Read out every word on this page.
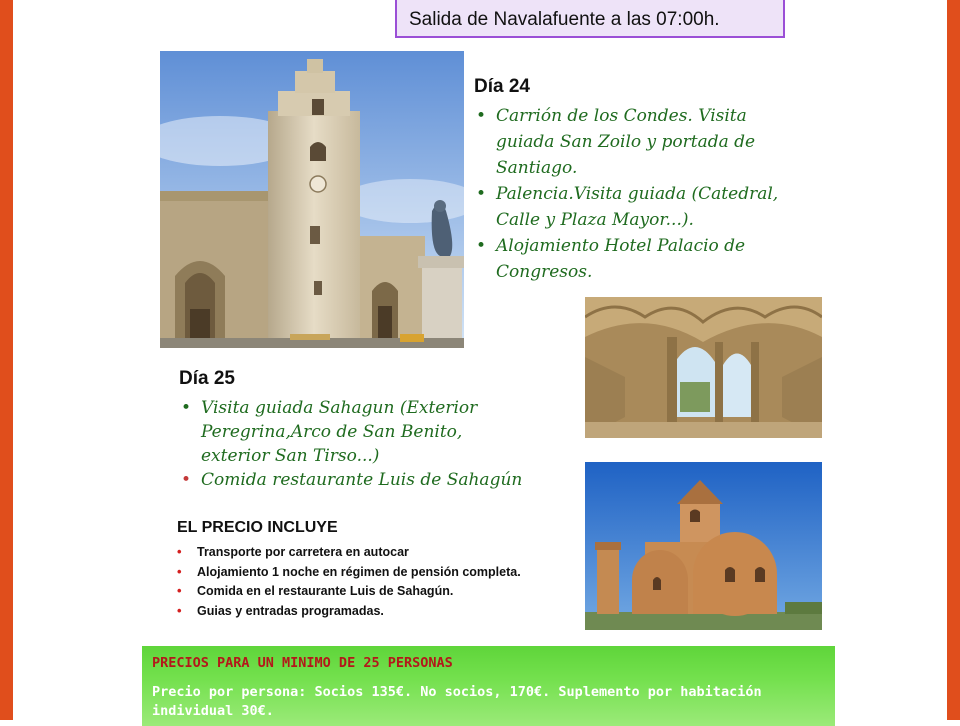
Salida de Navalafuente a las 07:00h.
Día 24
• Carrión de los Condes. Visita guiada San Zoilo y portada de Santiago.
• Palencia.Visita guiada (Catedral, Calle y Plaza Mayor...).
• Alojamiento Hotel Palacio de Congresos.
Día 25
• Visita guiada Sahagun (Exterior Peregrina,Arco de San Benito, exterior San Tirso...)
• Comida restaurante Luis de Sahagún
EL PRECIO INCLUYE
• Transporte por carretera en autocar
• Alojamiento 1 noche en régimen de pensión completa.
• Comida en el restaurante Luis de Sahagún.
• Guias y entradas programadas.
PRECIOS PARA UN MINIMO DE 25 PERSONAS
Precio por persona: Socios 135€. No socios, 170€. Suplemento por habitación individual 30€.
